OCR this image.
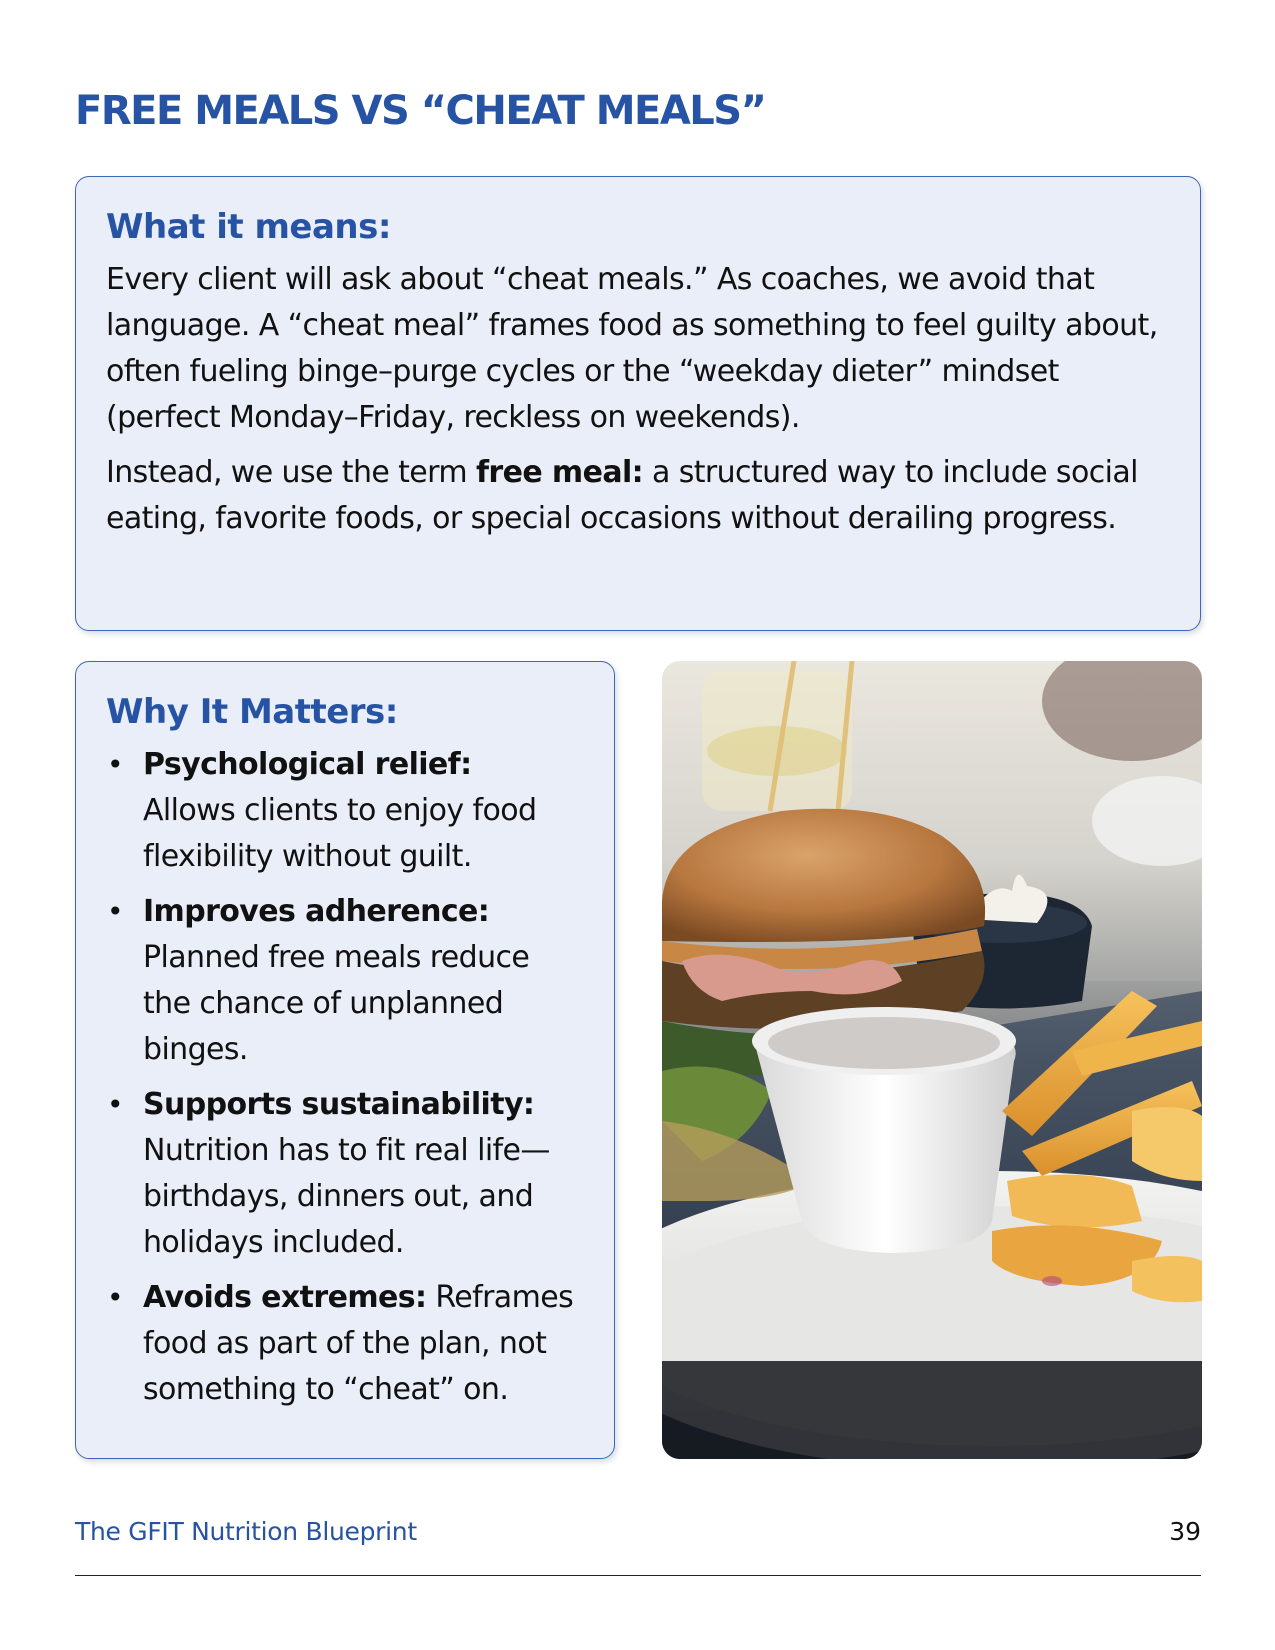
FREE MEALS VS “CHEAT MEALS”
What it means:

Every client will ask about “cheat meals.” As coaches, we avoid that language. A “cheat meal” frames food as something to feel guilty about, often fueling binge–purge cycles or the “weekday dieter” mindset (perfect Monday–Friday, reckless on weekends).

Instead, we use the term free meal: a structured way to include social eating, favorite foods, or special occasions without derailing progress.

Why It Matters:
• Psychological relief:
Allows clients to enjoy food flexibility without guilt.
• Improves adherence:
Planned free meals reduce the chance of unplanned binges.
• Supports sustainability:
Nutrition has to fit real life—birthdays, dinners out, and holidays included.
• Avoids extremes: Reframes food as part of the plan, not something to “cheat” on.
The GFIT Nutrition Blueprint	39
